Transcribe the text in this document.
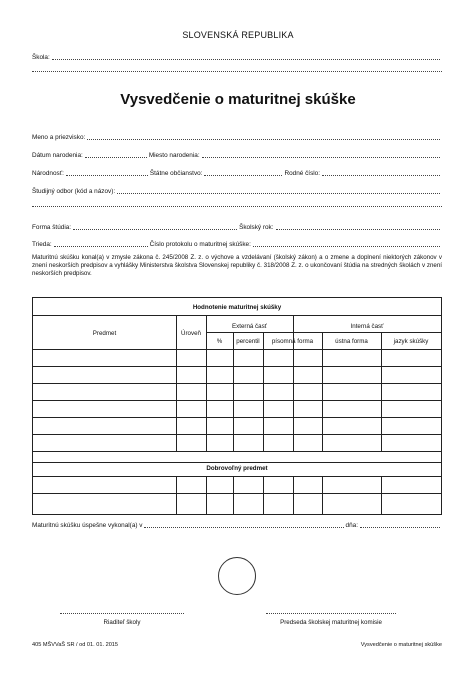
SLOVENSKÁ REPUBLIKA
Škola:
Vysvedčenie o maturitnej skúške
Meno a priezvisko:
Dátum narodenia:	Miesto narodenia:
Národnosť:	Štátne občianstvo:	Rodné číslo:
Študijný odbor (kód a názov):
Forma štúdia:	Školský rok:
Trieda:	Číslo protokolu o maturitnej skúške:
Maturitnú skúšku konal(a) v zmysle zákona č. 245/2008 Z. z. o výchove a vzdelávaní (školský zákon) a o zmene a doplnení niektorých zákonov v znení neskorších predpisov a vyhlášky Ministerstva školstva Slovenskej republiky č. 318/2008 Z. z. o ukončovaní štúdia na stredných školách v znení neskorších predpisov.
Hodnotenie maturitnej skúšky
Predmet	Úroveň
Externá časť	Interná časť
%	percentil	písomná forma	ústna forma	jazyk skúšky
Dobrovoľný predmet
Maturitnú skúšku úspešne vykonal(a) v	dňa:
Riaditeľ školy	Predseda školskej maturitnej komisie
405 MŠVVaŠ SR / od 01. 01. 2015	Vysvedčenie o maturitnej skúške
